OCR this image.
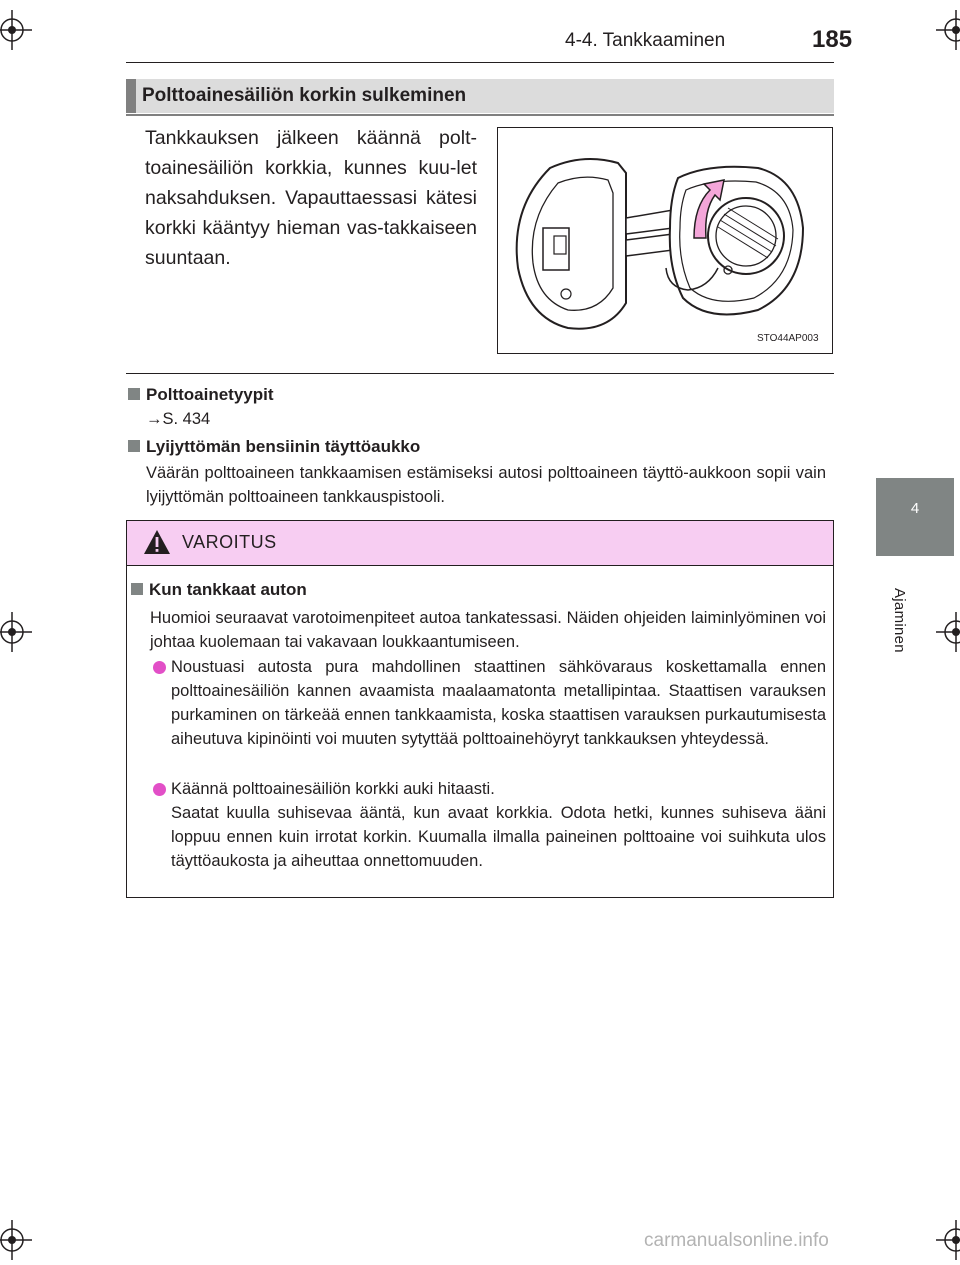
4-4. Tankkaaminen	185
4
Ajaminen
Polttoainesäiliön korkin sulkeminen
Tankkauksen jälkeen käännä polt-toainesäiliön korkkia, kunnes kuu-let naksahduksen. Vapauttaessasi kätesi korkki kääntyy hieman vas-takkaiseen suuntaan.
STO44AP003
Polttoainetyypit
→S. 434
Lyijyttömän bensiinin täyttöaukko
Väärän polttoaineen tankkaamisen estämiseksi autosi polttoaineen täyttö-aukkoon sopii vain lyijyttömän polttoaineen tankkauspistooli.
VAROITUS
Kun tankkaat auton
Huomioi seuraavat varotoimenpiteet autoa tankatessasi. Näiden ohjeiden laiminlyöminen voi johtaa kuolemaan tai vakavaan loukkaantumiseen.
Noustuasi autosta pura mahdollinen staattinen sähkövaraus koskettamalla ennen polttoainesäiliön kannen avaamista maalaamatonta metallipintaa. Staattisen varauksen purkaminen on tärkeää ennen tankkaamista, koska staattisen varauksen purkautumisesta aiheutuva kipinöinti voi muuten sytyttää polttoainehöyryt tankkauksen yhteydessä.
Käännä polttoainesäiliön korkki auki hitaasti.
Saatat kuulla suhisevaa ääntä, kun avaat korkkia. Odota hetki, kunnes suhiseva ääni loppuu ennen kuin irrotat korkin. Kuumalla ilmalla paineinen polttoaine voi suihkuta ulos täyttöaukosta ja aiheuttaa onnettomuuden.
carmanualsonline.info
